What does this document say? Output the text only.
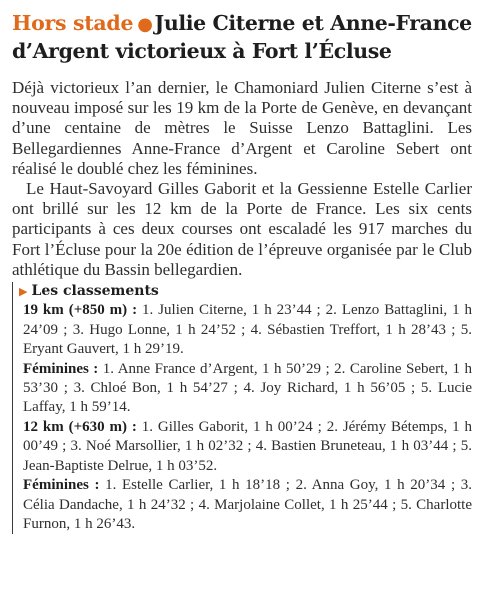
Hors stade ●Julie Citerne et Anne-France d’Argent victorieux à Fort l’Écluse

Déjà victorieux l’an dernier, le Chamoniard Julien Citerne s’est à nouveau imposé sur les 19 km de la Porte de Genève, en devançant d’une centaine de mètres le Suisse Lenzo Battaglini. Les Bellegardiennes Anne-France d’Argent et Caroline Sebert ont réalisé le doublé chez les féminines.

Le Haut-Savoyard Gilles Gaborit et la Gessienne Estelle Carlier ont brillé sur les 12 km de la Porte de France. Les six cents participants à ces deux courses ont escaladé les 917 marches du Fort l’Écluse pour la 20e édition de l’épreuve organisée par le Club athlétique du Bassin bellegardien.

▶ Les classements

19 km (+850 m) : 1. Julien Citerne, 1 h 23’44 ; 2. Lenzo Battaglini, 1 h 24’09 ; 3. Hugo Lonne, 1 h 24’52 ; 4. Sébastien Treffort, 1 h 28’43 ; 5. Eryant Gauvert, 1 h 29’19.

Féminines : 1. Anne France d’Argent, 1 h 50’29 ; 2. Caroline Sebert, 1 h 53’30 ; 3. Chloé Bon, 1 h 54’27 ; 4. Joy Richard, 1 h 56’05 ; 5. Lucie Laffay, 1 h 59’14.

12 km (+630 m) : 1. Gilles Gaborit, 1 h 00’24 ; 2. Jérémy Bétemps, 1 h 00’49 ; 3. Noé Marsollier, 1 h 02’32 ; 4. Bastien Bruneteau, 1 h 03’44 ; 5. Jean-Baptiste Delrue, 1 h 03’52.

Féminines : 1. Estelle Carlier, 1 h 18’18 ; 2. Anna Goy, 1 h 20’34 ; 3. Célia Dandache, 1 h 24’32 ; 4. Marjolaine Collet, 1 h 25’44 ; 5. Charlotte Furnon, 1 h 26’43.
